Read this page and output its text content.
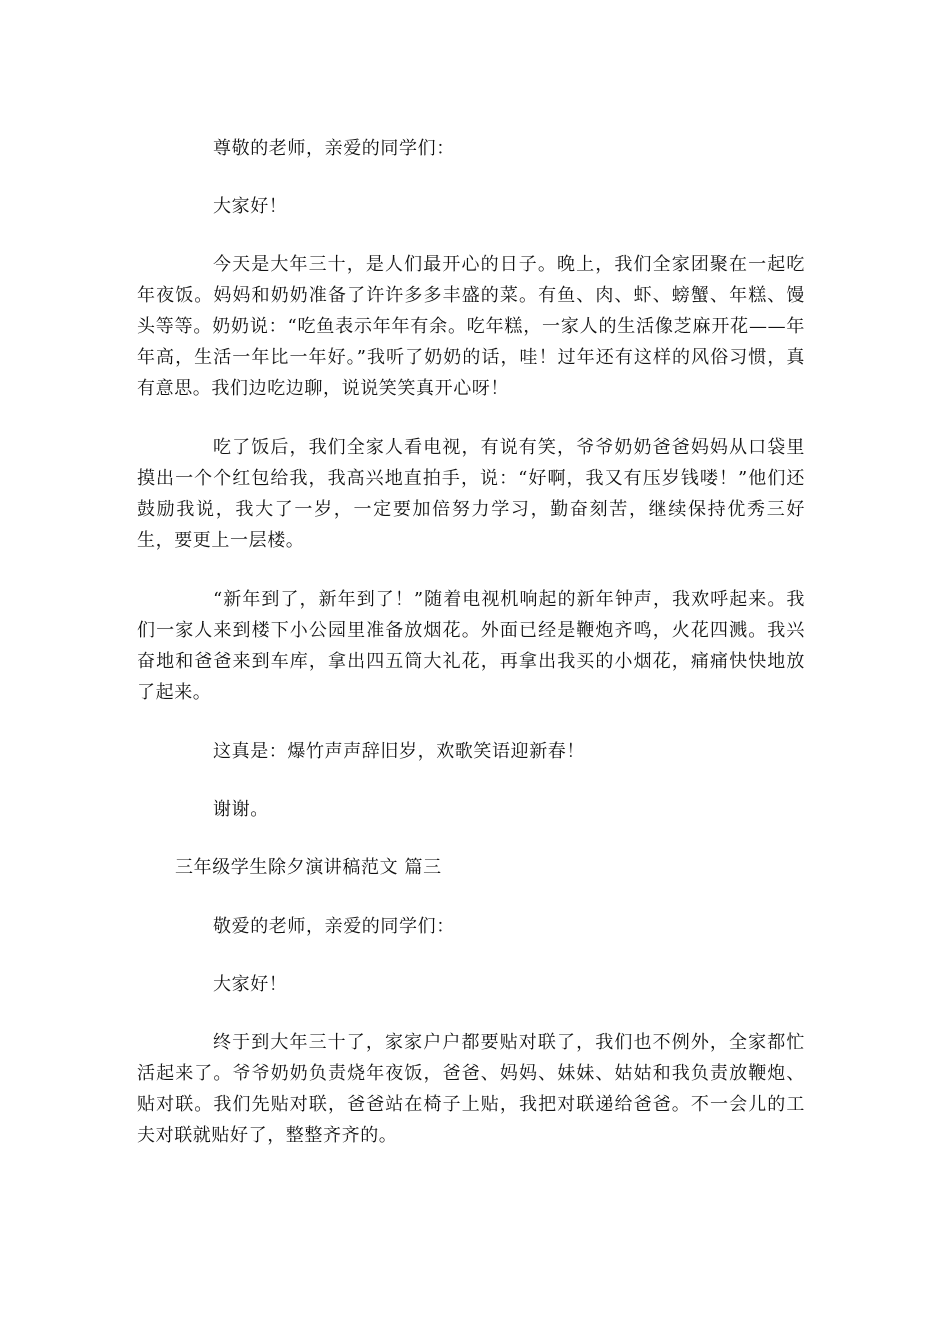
尊敬的老师，亲爱的同学们：

大家好！

今天是大年三十，是人们最开心的日子。晚上，我们全家团聚在一起吃年夜饭。妈妈和奶奶准备了许许多多丰盛的菜。有鱼、肉、虾、螃蟹、年糕、馒头等等。奶奶说：“吃鱼表示年年有余。吃年糕，一家人的生活像芝麻开花——年年高，生活一年比一年好。”我听了奶奶的话，哇！过年还有这样的风俗习惯，真有意思。我们边吃边聊，说说笑笑真开心呀！

吃了饭后，我们全家人看电视，有说有笑，爷爷奶奶爸爸妈妈从口袋里摸出一个个红包给我，我高兴地直拍手，说：“好啊，我又有压岁钱喽！”他们还鼓励我说，我大了一岁，一定要加倍努力学习，勤奋刻苦，继续保持优秀三好生，要更上一层楼。

“新年到了，新年到了！”随着电视机响起的新年钟声，我欢呼起来。我们一家人来到楼下小公园里准备放烟花。外面已经是鞭炮齐鸣，火花四溅。我兴奋地和爸爸来到车库，拿出四五筒大礼花，再拿出我买的小烟花，痛痛快快地放了起来。

这真是：爆竹声声辞旧岁，欢歌笑语迎新春！

谢谢。

三年级学生除夕演讲稿范文 篇三

敬爱的老师，亲爱的同学们：

大家好！

终于到大年三十了，家家户户都要贴对联了，我们也不例外，全家都忙活起来了。爷爷奶奶负责烧年夜饭，爸爸、妈妈、妹妹、姑姑和我负责放鞭炮、贴对联。我们先贴对联，爸爸站在椅子上贴，我把对联递给爸爸。不一会儿的工夫对联就贴好了，整整齐齐的。
